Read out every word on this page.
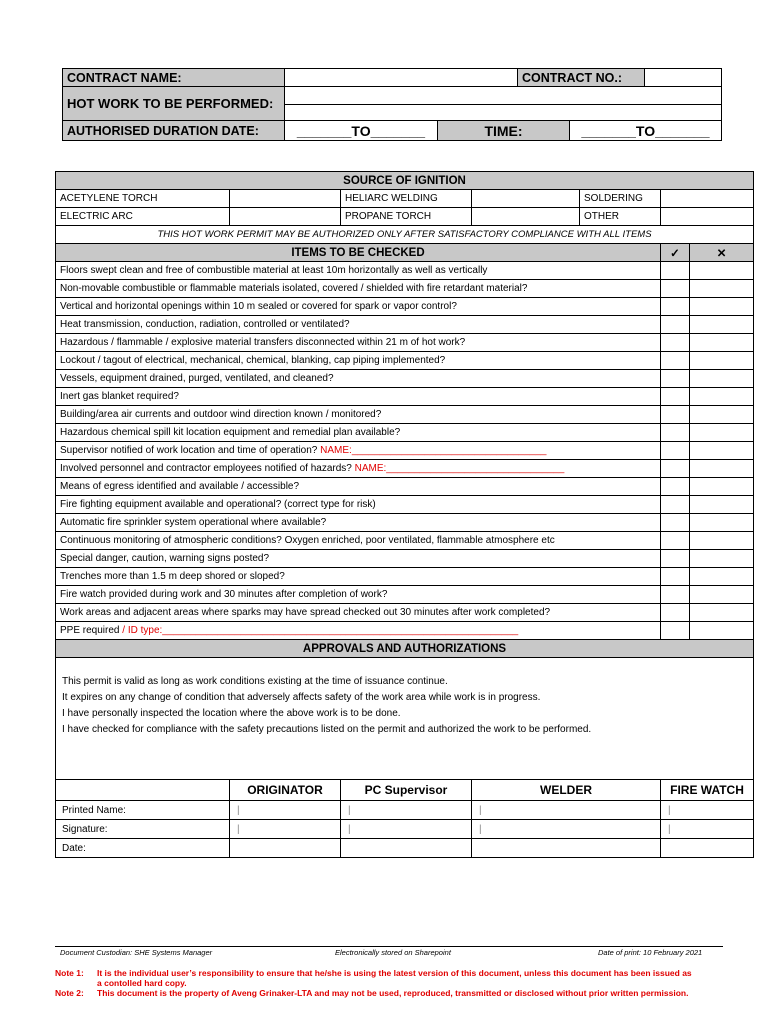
CONTRACT NAME:			CONTRACT NO.:		
HOT WORK TO BE PERFORMED:					

AUTHORISED DURATION DATE:	_______TO_______	TIME:		_______TO_______	
SOURCE OF IGNITION						
ACETYLENE TORCH		HELIARC WELDING		SOLDERING		
ELECTRIC ARC		PROPANE TORCH		OTHER		
THIS HOT WORK PERMIT MAY BE AUTHORIZED ONLY AFTER SATISFACTORY COMPLIANCE WITH ALL ITEMS						
ITEMS TO BE CHECKED					✓	✕
Floors swept clean and free of combustible material at least 10m horizontally as well as vertically						
Non-movable combustible or flammable materials isolated, covered / shielded with fire retardant material?						
Vertical and horizontal openings within 10 m sealed or covered for spark or vapor control?						
Heat transmission, conduction, radiation, controlled or ventilated?						
Hazardous / flammable / explosive material transfers disconnected within 21 m of hot work?						
Lockout / tagout of electrical, mechanical, chemical, blanking, cap piping implemented?						
Vessels, equipment drained, purged, ventilated, and cleaned?						
Inert gas blanket required?						
Building/area air currents and outdoor wind direction known / monitored?						
Hazardous chemical spill kit location equipment and remedial plan available?						
Supervisor notified of work location and time of operation? NAME:___________________________________						
Involved personnel and contractor employees notified of hazards? NAME:________________________________						
Means of egress identified and available / accessible?						
Fire fighting equipment available and operational? (correct type for risk)						
Automatic fire sprinkler system operational where available?						
Continuous monitoring of atmospheric conditions? Oxygen enriched, poor ventilated, flammable atmosphere etc						
Special danger, caution, warning signs posted?						
Trenches more than 1.5 m deep shored or sloped?						
Fire watch provided during work and 30 minutes after completion of work?						
Work areas and adjacent areas where sparks may have spread checked out 30 minutes after work completed?						
PPE required / ID type:________________________________________________________________						
APPROVALS AND AUTHORIZATIONS						

This permit is valid as long as work conditions existing at the time of issuance continue.
It expires on any change of condition that adversely affects safety of the work area while work is in progress.
I have personally inspected the location where the above work is to be done.
I have checked for compliance with the safety precautions listed on the permit and authorized the work to be performed.						

	ORIGINATOR	PC Supervisor	WELDER		FIRE WATCH	
Printed Name:	|	|	|		|	
Signature:	|	|	|		|	
Date:						
Document Custodian: SHE Systems Manager	Electronically stored on Sharepoint	Date of print: 10 February 2021
Note 1: It is the individual user’s responsibility to ensure that he/she is using the latest version of this document, unless this document has been issued as a contolled hard copy.
Note 2: This document is the property of Aveng Grinaker-LTA and may not be used, reproduced, transmitted or disclosed without prior written permission.
